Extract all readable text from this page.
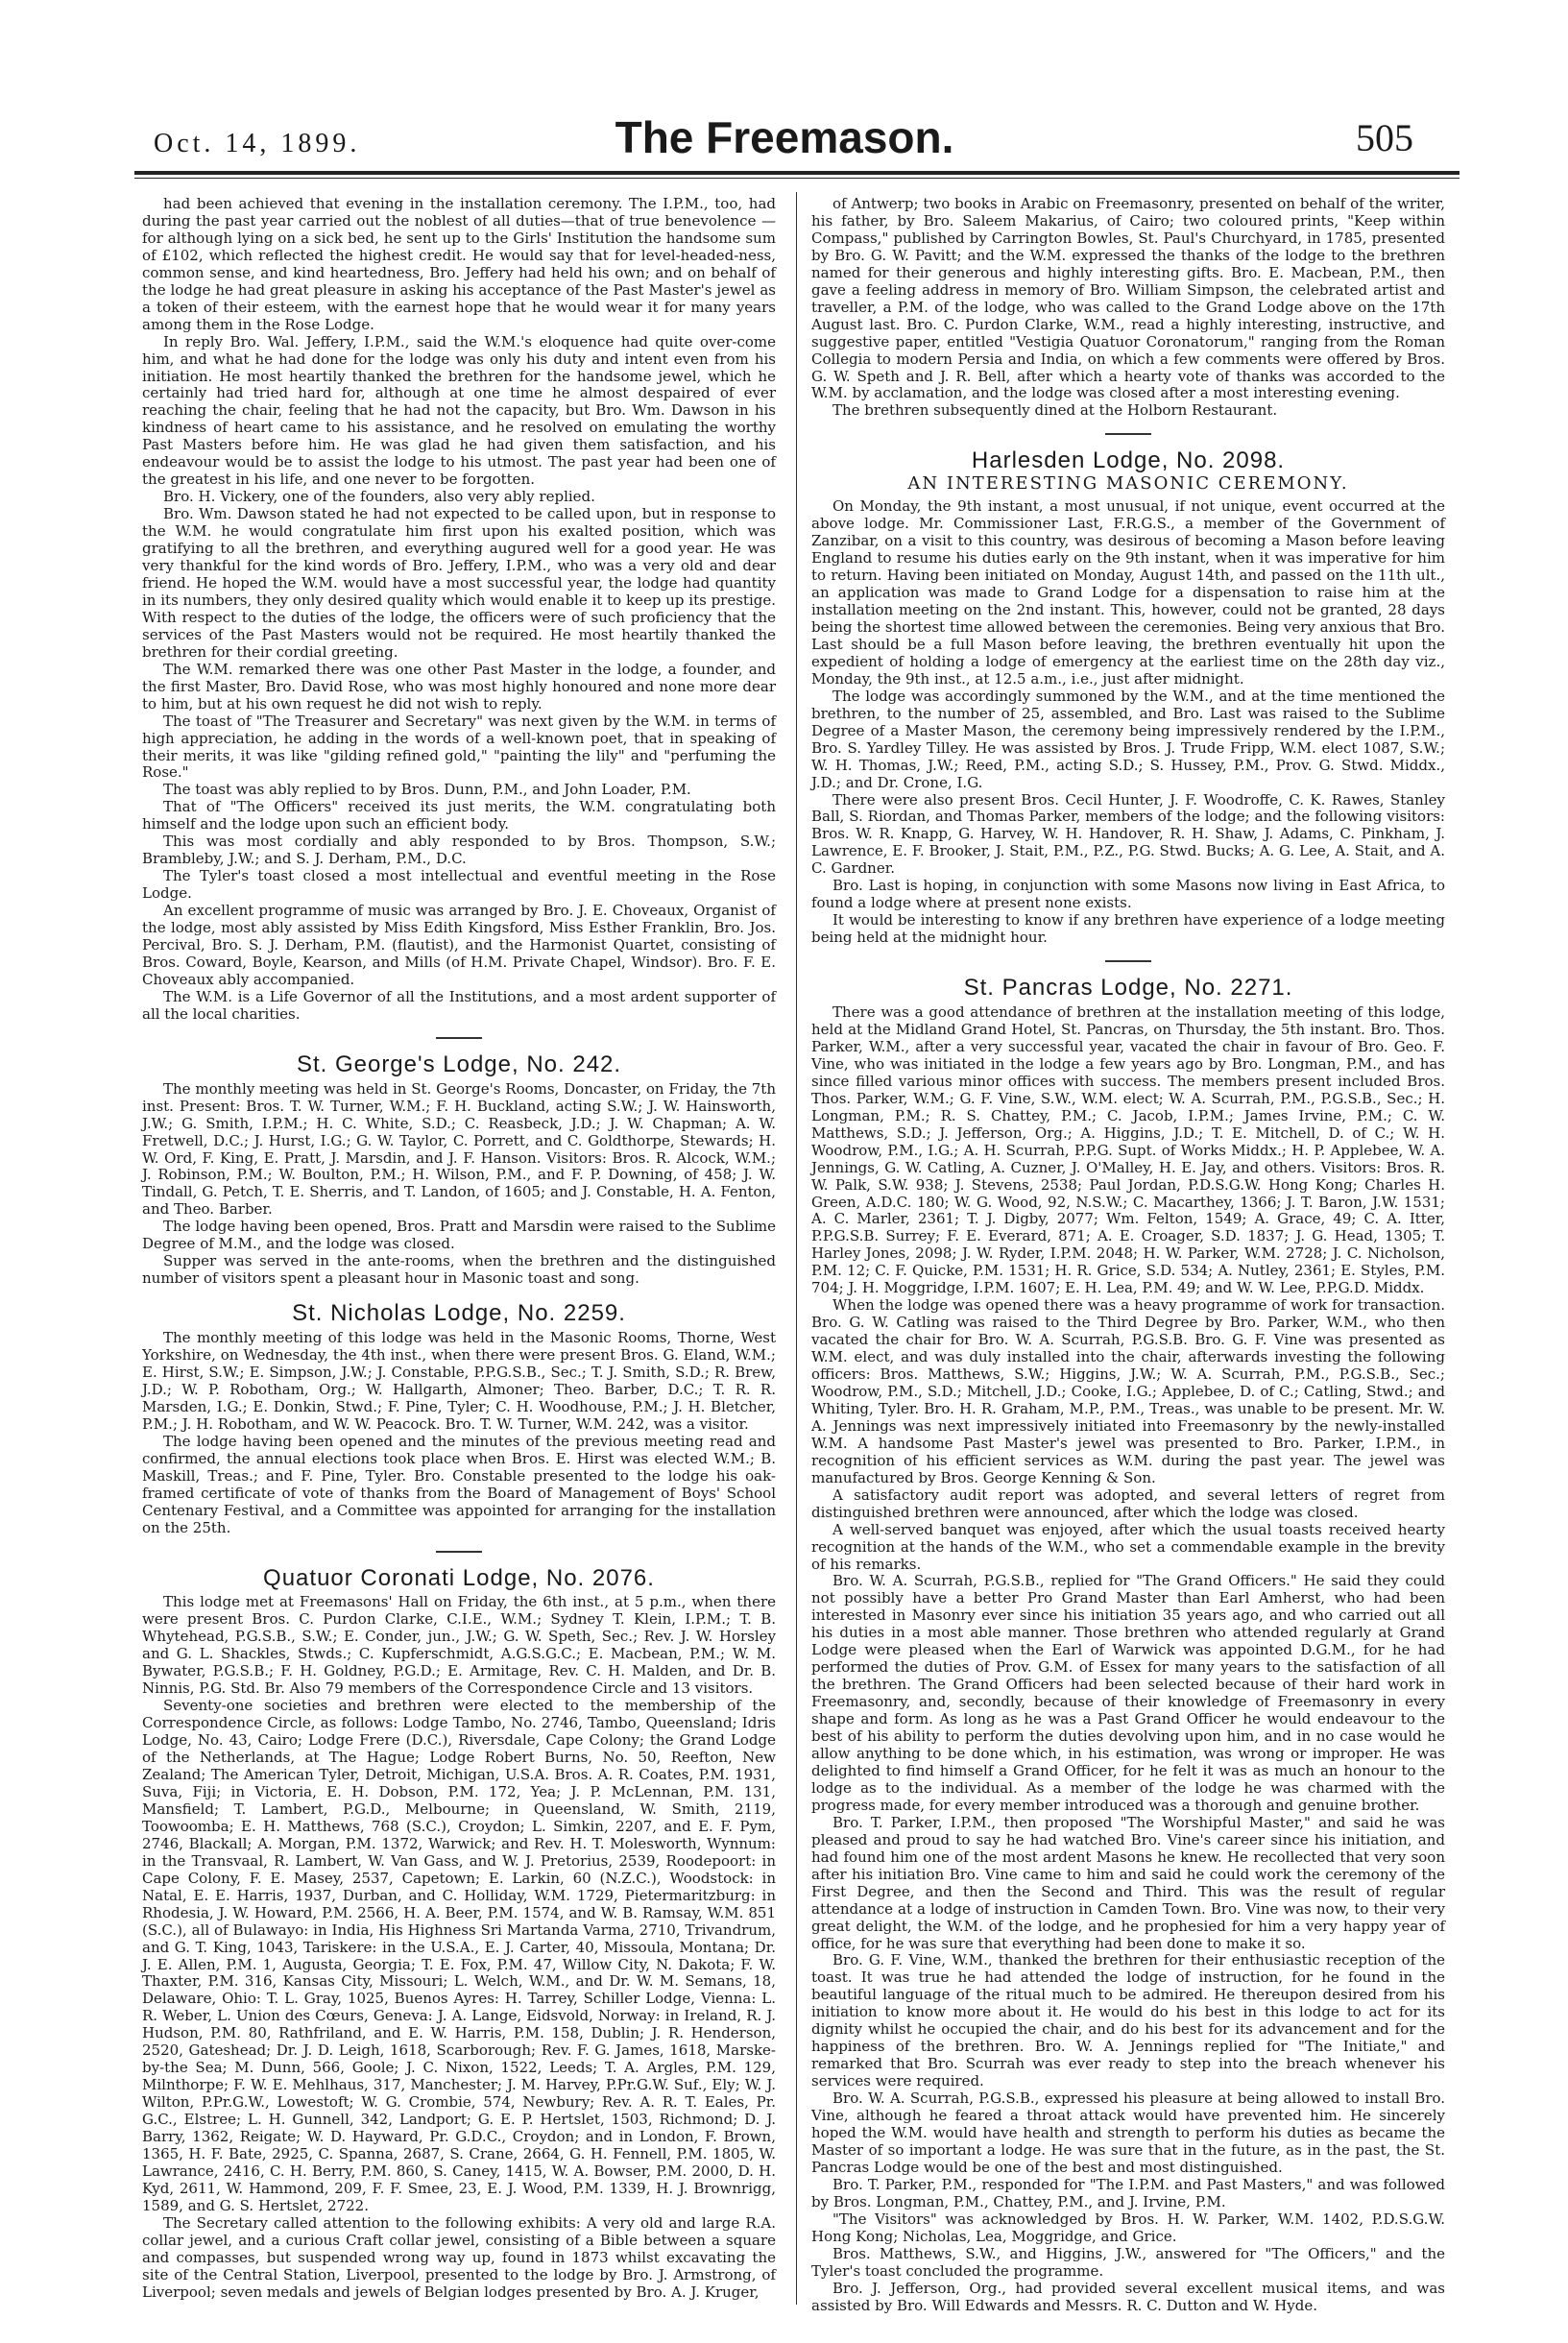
Oct. 14, 1899.	The Freemason.	505

had been achieved that evening in the installation ceremony. The I.P.M., too, had during the past year carried out the noblest of all duties—that of true benevolence —for although lying on a sick bed, he sent up to the Girls' Institution the handsome sum of £102, which reflected the highest credit. He would say that for level-headed-ness, common sense, and kind heartedness, Bro. Jeffery had held his own; and on behalf of the lodge he had great pleasure in asking his acceptance of the Past Master's jewel as a token of their esteem, with the earnest hope that he would wear it for many years among them in the Rose Lodge.

In reply Bro. Wal. Jeffery, I.P.M., said the W.M.'s eloquence had quite over-come him, and what he had done for the lodge was only his duty and intent even from his initiation. He most heartily thanked the brethren for the handsome jewel, which he certainly had tried hard for, although at one time he almost despaired of ever reaching the chair, feeling that he had not the capacity, but Bro. Wm. Dawson in his kindness of heart came to his assistance, and he resolved on emulating the worthy Past Masters before him. He was glad he had given them satisfaction, and his endeavour would be to assist the lodge to his utmost. The past year had been one of the greatest in his life, and one never to be forgotten.

Bro. H. Vickery, one of the founders, also very ably replied.

Bro. Wm. Dawson stated he had not expected to be called upon, but in response to the W.M. he would congratulate him first upon his exalted position, which was gratifying to all the brethren, and everything augured well for a good year. He was very thankful for the kind words of Bro. Jeffery, I.P.M., who was a very old and dear friend. He hoped the W.M. would have a most successful year, the lodge had quantity in its numbers, they only desired quality which would enable it to keep up its prestige. With respect to the duties of the lodge, the officers were of such proficiency that the services of the Past Masters would not be required. He most heartily thanked the brethren for their cordial greeting.

The W.M. remarked there was one other Past Master in the lodge, a founder, and the first Master, Bro. David Rose, who was most highly honoured and none more dear to him, but at his own request he did not wish to reply.

The toast of "The Treasurer and Secretary" was next given by the W.M. in terms of high appreciation, he adding in the words of a well-known poet, that in speaking of their merits, it was like "gilding refined gold," "painting the lily" and "perfuming the Rose."

The toast was ably replied to by Bros. Dunn, P.M., and John Loader, P.M.

That of "The Officers" received its just merits, the W.M. congratulating both himself and the lodge upon such an efficient body.

This was most cordially and ably responded to by Bros. Thompson, S.W.; Brambleby, J.W.; and S. J. Derham, P.M., D.C.

The Tyler's toast closed a most intellectual and eventful meeting in the Rose Lodge.

An excellent programme of music was arranged by Bro. J. E. Choveaux, Organist of the lodge, most ably assisted by Miss Edith Kingsford, Miss Esther Franklin, Bro. Jos. Percival, Bro. S. J. Derham, P.M. (flautist), and the Harmonist Quartet, consisting of Bros. Coward, Boyle, Kearson, and Mills (of H.M. Private Chapel, Windsor). Bro. F. E. Choveaux ably accompanied.

The W.M. is a Life Governor of all the Institutions, and a most ardent supporter of all the local charities.

St. George's Lodge, No. 242.

The monthly meeting was held in St. George's Rooms, Doncaster, on Friday, the 7th inst. Present: Bros. T. W. Turner, W.M.; F. H. Buckland, acting S.W.; J. W. Hainsworth, J.W.; G. Smith, I.P.M.; H. C. White, S.D.; C. Reasbeck, J.D.; J. W. Chapman; A. W. Fretwell, D.C.; J. Hurst, I.G.; G. W. Taylor, C. Porrett, and C. Goldthorpe, Stewards; H. W. Ord, F. King, E. Pratt, J. Marsdin, and J. F. Hanson. Visitors: Bros. R. Alcock, W.M.; J. Robinson, P.M.; W. Boulton, P.M.; H. Wilson, P.M., and F. P. Downing, of 458; J. W. Tindall, G. Petch, T. E. Sherris, and T. Landon, of 1605; and J. Constable, H. A. Fenton, and Theo. Barber.

The lodge having been opened, Bros. Pratt and Marsdin were raised to the Sublime Degree of M.M., and the lodge was closed.

Supper was served in the ante-rooms, when the brethren and the distinguished number of visitors spent a pleasant hour in Masonic toast and song.

St. Nicholas Lodge, No. 2259.

The monthly meeting of this lodge was held in the Masonic Rooms, Thorne, West Yorkshire, on Wednesday, the 4th inst., when there were present Bros. G. Eland, W.M.; E. Hirst, S.W.; E. Simpson, J.W.; J. Constable, P.P.G.S.B., Sec.; T. J. Smith, S.D.; R. Brew, J.D.; W. P. Robotham, Org.; W. Hallgarth, Almoner; Theo. Barber, D.C.; T. R. R. Marsden, I.G.; E. Donkin, Stwd.; F. Pine, Tyler; C. H. Woodhouse, P.M.; J. H. Bletcher, P.M.; J. H. Robotham, and W. W. Peacock. Bro. T. W. Turner, W.M. 242, was a visitor.

The lodge having been opened and the minutes of the previous meeting read and confirmed, the annual elections took place when Bros. E. Hirst was elected W.M.; B. Maskill, Treas.; and F. Pine, Tyler. Bro. Constable presented to the lodge his oak-framed certificate of vote of thanks from the Board of Management of Boys' School Centenary Festival, and a Committee was appointed for arranging for the installation on the 25th.

Quatuor Coronati Lodge, No. 2076.

This lodge met at Freemasons' Hall on Friday, the 6th inst., at 5 p.m., when there were present Bros. C. Purdon Clarke, C.I.E., W.M.; Sydney T. Klein, I.P.M.; T. B. Whytehead, P.G.S.B., S.W.; E. Conder, jun., J.W.; G. W. Speth, Sec.; Rev. J. W. Horsley and G. L. Shackles, Stwds.; C. Kupferschmidt, A.G.S.G.C.; E. Macbean, P.M.; W. M. Bywater, P.G.S.B.; F. H. Goldney, P.G.D.; E. Armitage, Rev. C. H. Malden, and Dr. B. Ninnis, P.G. Std. Br. Also 79 members of the Correspondence Circle and 13 visitors.

Seventy-one societies and brethren were elected to the membership of the Correspondence Circle, as follows: Lodge Tambo, No. 2746, Tambo, Queensland; Idris Lodge, No. 43, Cairo; Lodge Frere (D.C.), Riversdale, Cape Colony; the Grand Lodge of the Netherlands, at The Hague; Lodge Robert Burns, No. 50, Reefton, New Zealand; The American Tyler, Detroit, Michigan, U.S.A. Bros. A. R. Coates, P.M. 1931, Suva, Fiji; in Victoria, E. H. Dobson, P.M. 172, Yea; J. P. McLennan, P.M. 131, Mansfield; T. Lambert, P.G.D., Melbourne; in Queensland, W. Smith, 2119, Toowoomba; E. H. Matthews, 768 (S.C.), Croydon; L. Simkin, 2207, and E. F. Pym, 2746, Blackall; A. Morgan, P.M. 1372, Warwick; and Rev. H. T. Molesworth, Wynnum: in the Transvaal, R. Lambert, W. Van Gass, and W. J. Pretorius, 2539, Roodepoort: in Cape Colony, F. E. Masey, 2537, Capetown; E. Larkin, 60 (N.Z.C.), Woodstock: in Natal, E. E. Harris, 1937, Durban, and C. Holliday, W.M. 1729, Pietermaritzburg: in Rhodesia, J. W. Howard, P.M. 2566, H. A. Beer, P.M. 1574, and W. B. Ramsay, W.M. 851 (S.C.), all of Bulawayo: in India, His Highness Sri Martanda Varma, 2710, Trivandrum, and G. T. King, 1043, Tariskere: in the U.S.A., E. J. Carter, 40, Missoula, Montana; Dr. J. E. Allen, P.M. 1, Augusta, Georgia; T. E. Fox, P.M. 47, Willow City, N. Dakota; F. W. Thaxter, P.M. 316, Kansas City, Missouri; L. Welch, W.M., and Dr. W. M. Semans, 18, Delaware, Ohio: T. L. Gray, 1025, Buenos Ayres: H. Tarrey, Schiller Lodge, Vienna: L. R. Weber, L. Union des Cœurs, Geneva: J. A. Lange, Eidsvold, Norway: in Ireland, R. J. Hudson, P.M. 80, Rathfriland, and E. W. Harris, P.M. 158, Dublin; J. R. Henderson, 2520, Gateshead; Dr. J. D. Leigh, 1618, Scarborough; Rev. F. G. James, 1618, Marske-by-the Sea; M. Dunn, 566, Goole; J. C. Nixon, 1522, Leeds; T. A. Argles, P.M. 129, Milnthorpe; F. W. E. Mehlhaus, 317, Manchester; J. M. Harvey, P.Pr.G.W. Suf., Ely; W. J. Wilton, P.Pr.G.W., Lowestoft; W. G. Crombie, 574, Newbury; Rev. A. R. T. Eales, Pr. G.C., Elstree; L. H. Gunnell, 342, Landport; G. E. P. Hertslet, 1503, Richmond; D. J. Barry, 1362, Reigate; W. D. Hayward, Pr. G.D.C., Croydon; and in London, F. Brown, 1365, H. F. Bate, 2925, C. Spanna, 2687, S. Crane, 2664, G. H. Fennell, P.M. 1805, W. Lawrance, 2416, C. H. Berry, P.M. 860, S. Caney, 1415, W. A. Bowser, P.M. 2000, D. H. Kyd, 2611, W. Hammond, 209, F. F. Smee, 23, E. J. Wood, P.M. 1339, H. J. Brownrigg, 1589, and G. S. Hertslet, 2722.

The Secretary called attention to the following exhibits: A very old and large R.A. collar jewel, and a curious Craft collar jewel, consisting of a Bible between a square and compasses, but suspended wrong way up, found in 1873 whilst excavating the site of the Central Station, Liverpool, presented to the lodge by Bro. J. Armstrong, of Liverpool; seven medals and jewels of Belgian lodges presented by Bro. A. J. Kruger,

of Antwerp; two books in Arabic on Freemasonry, presented on behalf of the writer, his father, by Bro. Saleem Makarius, of Cairo; two coloured prints, "Keep within Compass," published by Carrington Bowles, St. Paul's Churchyard, in 1785, presented by Bro. G. W. Pavitt; and the W.M. expressed the thanks of the lodge to the brethren named for their generous and highly interesting gifts. Bro. E. Macbean, P.M., then gave a feeling address in memory of Bro. William Simpson, the celebrated artist and traveller, a P.M. of the lodge, who was called to the Grand Lodge above on the 17th August last. Bro. C. Purdon Clarke, W.M., read a highly interesting, instructive, and suggestive paper, entitled "Vestigia Quatuor Coronatorum," ranging from the Roman Collegia to modern Persia and India, on which a few comments were offered by Bros. G. W. Speth and J. R. Bell, after which a hearty vote of thanks was accorded to the W.M. by acclamation, and the lodge was closed after a most interesting evening.

The brethren subsequently dined at the Holborn Restaurant.

Harlesden Lodge, No. 2098.
AN INTERESTING MASONIC CEREMONY.

On Monday, the 9th instant, a most unusual, if not unique, event occurred at the above lodge. Mr. Commissioner Last, F.R.G.S., a member of the Government of Zanzibar, on a visit to this country, was desirous of becoming a Mason before leaving England to resume his duties early on the 9th instant, when it was imperative for him to return. Having been initiated on Monday, August 14th, and passed on the 11th ult., an application was made to Grand Lodge for a dispensation to raise him at the installation meeting on the 2nd instant. This, however, could not be granted, 28 days being the shortest time allowed between the ceremonies. Being very anxious that Bro. Last should be a full Mason before leaving, the brethren eventually hit upon the expedient of holding a lodge of emergency at the earliest time on the 28th day viz., Monday, the 9th inst., at 12.5 a.m., i.e., just after midnight.

The lodge was accordingly summoned by the W.M., and at the time mentioned the brethren, to the number of 25, assembled, and Bro. Last was raised to the Sublime Degree of a Master Mason, the ceremony being impressively rendered by the I.P.M., Bro. S. Yardley Tilley. He was assisted by Bros. J. Trude Fripp, W.M. elect 1087, S.W.; W. H. Thomas, J.W.; Reed, P.M., acting S.D.; S. Hussey, P.M., Prov. G. Stwd. Middx., J.D.; and Dr. Crone, I.G.

There were also present Bros. Cecil Hunter, J. F. Woodroffe, C. K. Rawes, Stanley Ball, S. Riordan, and Thomas Parker, members of the lodge; and the following visitors: Bros. W. R. Knapp, G. Harvey, W. H. Handover, R. H. Shaw, J. Adams, C. Pinkham, J. Lawrence, E. F. Brooker, J. Stait, P.M., P.Z., P.G. Stwd. Bucks; A. G. Lee, A. Stait, and A. C. Gardner.

Bro. Last is hoping, in conjunction with some Masons now living in East Africa, to found a lodge where at present none exists.

It would be interesting to know if any brethren have experience of a lodge meeting being held at the midnight hour.

St. Pancras Lodge, No. 2271.

There was a good attendance of brethren at the installation meeting of this lodge, held at the Midland Grand Hotel, St. Pancras, on Thursday, the 5th instant. Bro. Thos. Parker, W.M., after a very successful year, vacated the chair in favour of Bro. Geo. F. Vine, who was initiated in the lodge a few years ago by Bro. Longman, P.M., and has since filled various minor offices with success. The members present included Bros. Thos. Parker, W.M.; G. F. Vine, S.W., W.M. elect; W. A. Scurrah, P.M., P.G.S.B., Sec.; H. Longman, P.M.; R. S. Chattey, P.M.; C. Jacob, I.P.M.; James Irvine, P.M.; C. W. Matthews, S.D.; J. Jefferson, Org.; A. Higgins, J.D.; T. E. Mitchell, D. of C.; W. H. Woodrow, P.M., I.G.; A. H. Scurrah, P.P.G. Supt. of Works Middx.; H. P. Applebee, W. A. Jennings, G. W. Catling, A. Cuzner, J. O'Malley, H. E. Jay, and others. Visitors: Bros. R. W. Palk, S.W. 938; J. Stevens, 2538; Paul Jordan, P.D.S.G.W. Hong Kong; Charles H. Green, A.D.C. 180; W. G. Wood, 92, N.S.W.; C. Macarthey, 1366; J. T. Baron, J.W. 1531; A. C. Marler, 2361; T. J. Digby, 2077; Wm. Felton, 1549; A. Grace, 49; C. A. Itter, P.P.G.S.B. Surrey; F. E. Everard, 871; A. E. Croager, S.D. 1837; J. G. Head, 1305; T. Harley Jones, 2098; J. W. Ryder, I.P.M. 2048; H. W. Parker, W.M. 2728; J. C. Nicholson, P.M. 12; C. F. Quicke, P.M. 1531; H. R. Grice, S.D. 534; A. Nutley, 2361; E. Styles, P.M. 704; J. H. Moggridge, I.P.M. 1607; E. H. Lea, P.M. 49; and W. W. Lee, P.P.G.D. Middx.

When the lodge was opened there was a heavy programme of work for transaction. Bro. G. W. Catling was raised to the Third Degree by Bro. Parker, W.M., who then vacated the chair for Bro. W. A. Scurrah, P.G.S.B. Bro. G. F. Vine was presented as W.M. elect, and was duly installed into the chair, afterwards investing the following officers: Bros. Matthews, S.W.; Higgins, J.W.; W. A. Scurrah, P.M., P.G.S.B., Sec.; Woodrow, P.M., S.D.; Mitchell, J.D.; Cooke, I.G.; Applebee, D. of C.; Catling, Stwd.; and Whiting, Tyler. Bro. H. R. Graham, M.P., P.M., Treas., was unable to be present. Mr. W. A. Jennings was next impressively initiated into Freemasonry by the newly-installed W.M. A handsome Past Master's jewel was presented to Bro. Parker, I.P.M., in recognition of his efficient services as W.M. during the past year. The jewel was manufactured by Bros. George Kenning & Son.

A satisfactory audit report was adopted, and several letters of regret from distinguished brethren were announced, after which the lodge was closed.

A well-served banquet was enjoyed, after which the usual toasts received hearty recognition at the hands of the W.M., who set a commendable example in the brevity of his remarks.

Bro. W. A. Scurrah, P.G.S.B., replied for "The Grand Officers." He said they could not possibly have a better Pro Grand Master than Earl Amherst, who had been interested in Masonry ever since his initiation 35 years ago, and who carried out all his duties in a most able manner. Those brethren who attended regularly at Grand Lodge were pleased when the Earl of Warwick was appointed D.G.M., for he had performed the duties of Prov. G.M. of Essex for many years to the satisfaction of all the brethren. The Grand Officers had been selected because of their hard work in Freemasonry, and, secondly, because of their knowledge of Freemasonry in every shape and form. As long as he was a Past Grand Officer he would endeavour to the best of his ability to perform the duties devolving upon him, and in no case would he allow anything to be done which, in his estimation, was wrong or improper. He was delighted to find himself a Grand Officer, for he felt it was as much an honour to the lodge as to the individual. As a member of the lodge he was charmed with the progress made, for every member introduced was a thorough and genuine brother.

Bro. T. Parker, I.P.M., then proposed "The Worshipful Master," and said he was pleased and proud to say he had watched Bro. Vine's career since his initiation, and had found him one of the most ardent Masons he knew. He recollected that very soon after his initiation Bro. Vine came to him and said he could work the ceremony of the First Degree, and then the Second and Third. This was the result of regular attendance at a lodge of instruction in Camden Town. Bro. Vine was now, to their very great delight, the W.M. of the lodge, and he prophesied for him a very happy year of office, for he was sure that everything had been done to make it so.

Bro. G. F. Vine, W.M., thanked the brethren for their enthusiastic reception of the toast. It was true he had attended the lodge of instruction, for he found in the beautiful language of the ritual much to be admired. He thereupon desired from his initiation to know more about it. He would do his best in this lodge to act for its dignity whilst he occupied the chair, and do his best for its advancement and for the happiness of the brethren. Bro. W. A. Jennings replied for "The Initiate," and remarked that Bro. Scurrah was ever ready to step into the breach whenever his services were required.

Bro. W. A. Scurrah, P.G.S.B., expressed his pleasure at being allowed to install Bro. Vine, although he feared a throat attack would have prevented him. He sincerely hoped the W.M. would have health and strength to perform his duties as became the Master of so important a lodge. He was sure that in the future, as in the past, the St. Pancras Lodge would be one of the best and most distinguished.

Bro. T. Parker, P.M., responded for "The I.P.M. and Past Masters," and was followed by Bros. Longman, P.M., Chattey, P.M., and J. Irvine, P.M.

"The Visitors" was acknowledged by Bros. H. W. Parker, W.M. 1402, P.D.S.G.W. Hong Kong; Nicholas, Lea, Moggridge, and Grice.

Bros. Matthews, S.W., and Higgins, J.W., answered for "The Officers," and the Tyler's toast concluded the programme.

Bro. J. Jefferson, Org., had provided several excellent musical items, and was assisted by Bro. Will Edwards and Messrs. R. C. Dutton and W. Hyde.
